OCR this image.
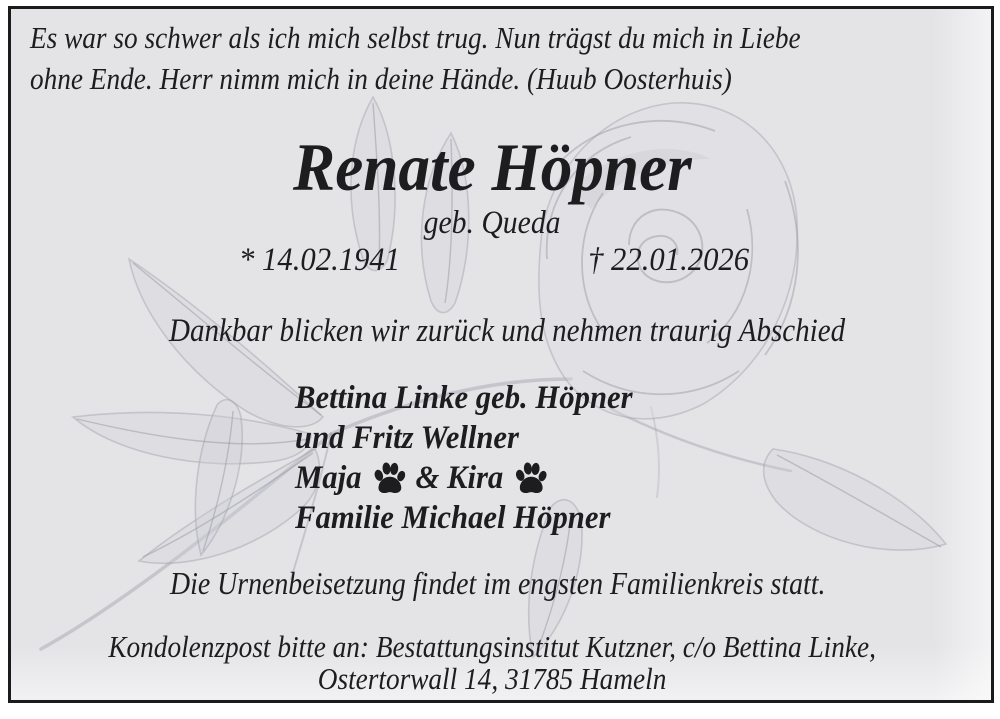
Es war so schwer als ich mich selbst trug. Nun trägst du mich in Liebe
ohne Ende. Herr nimm mich in deine Hände. (Huub Oosterhuis)
Renate Höpner
geb. Queda
* 14.02.1941	† 22.01.2026
Dankbar blicken wir zurück und nehmen traurig Abschied
Bettina Linke geb. Höpner
und Fritz Wellner
Maja & Kira
Familie Michael Höpner
Die Urnenbeisetzung findet im engsten Familienkreis statt.
Kondolenzpost bitte an: Bestattungsinstitut Kutzner, c/o Bettina Linke,
Ostertorwall 14, 31785 Hameln
